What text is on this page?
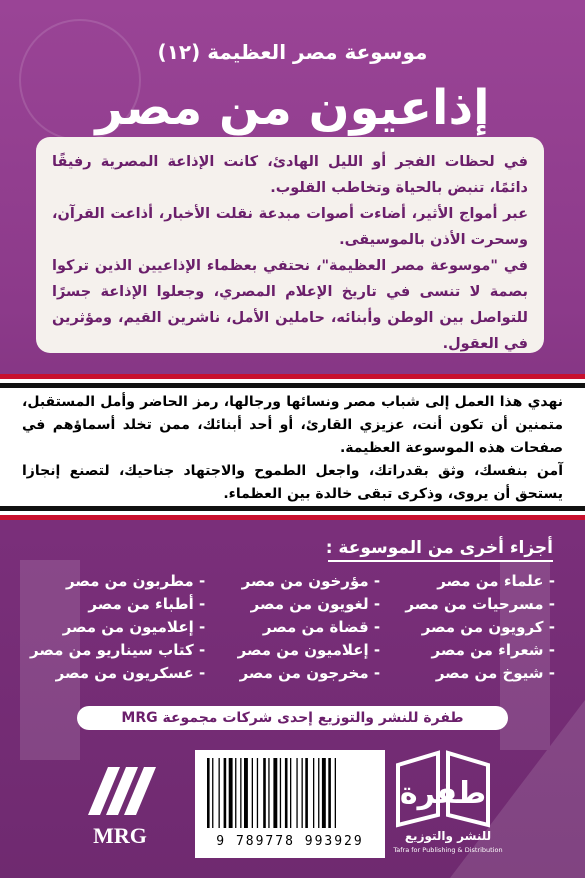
موسوعة مصر العظيمة (١٢)
إذاعيون من مصر

في لحظات الفجر أو الليل الهادئ، كانت الإذاعة المصرية رفيقًا دائمًا، تنبض بالحياة وتخاطب القلوب.

عبر أمواج الأثير، أضاءت أصوات مبدعة نقلت الأخبار، أذاعت القرآن، وسحرت الأذن بالموسيقى.

في "موسوعة مصر العظيمة"، نحتفي بعظماء الإذاعيين الذين تركوا بصمة لا تنسى في تاريخ الإعلام المصري، وجعلوا الإذاعة جسرًا للتواصل بين الوطن وأبنائه، حاملين الأمل، ناشرين القيم، ومؤثرين في العقول.

نهدي هذا العمل إلى شباب مصر ونسائها ورجالها، رمز الحاضر وأمل المستقبل، متمنين أن تكون أنت، عزيزي القارئ، أو أحد أبنائك، ممن تخلد أسماؤهم في صفحات هذه الموسوعة العظيمة.

آمن بنفسك، وثق بقدراتك، واجعل الطموح والاجتهاد جناحيك، لتصنع إنجازا يستحق أن يروى، وذكرى تبقى خالدة بين العظماء.

أجزاء أخرى من الموسوعة :
- علماء من مصر
- مؤرخون من مصر
- مطربون من مصر
- مسرحيات من مصر
- لغويون من مصر
- أطباء من مصر
- كرويون من مصر
- قضاة من مصر
- إعلاميون من مصر
- شعراء من مصر
- إعلاميون من مصر
- كتاب سيناريو من مصر
- شيوخ من مصر
- مخرجون من مصر
- عسكريون من مصر
طفرة للنشر والتوزيع إحدى شركات مجموعة MRG
MRG	9 789778 993929
طفرة
للنشر والتوزيع
Tafra for Publishing & Distribution
